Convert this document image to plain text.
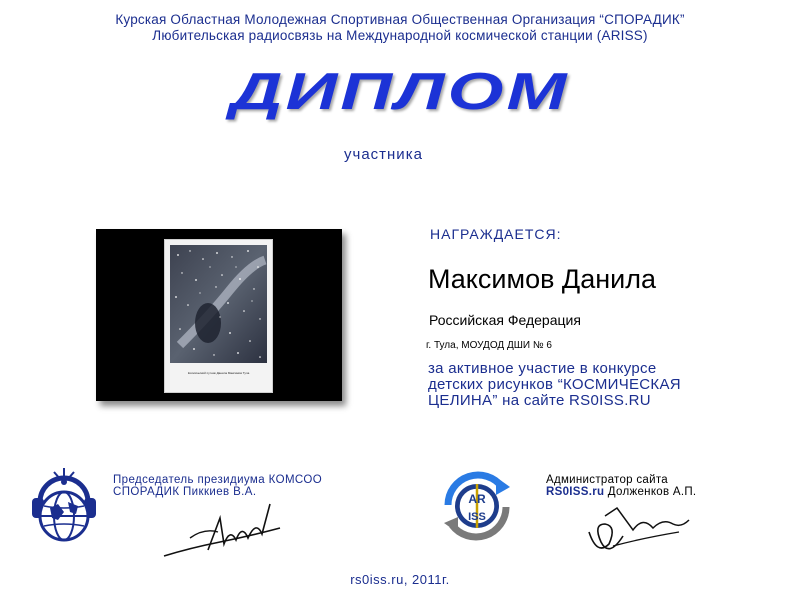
Курская Областная Молодежная Спортивная Общественная Организация “СПОРАДИК”
Любительская радиосвязь на Международной космической станции (ARISS)
ДИПЛОМ
участника
Космический путник Данила Максимов Тула
НАГРАЖДАЕТСЯ:
Максимов Данила
Российская Федерация
г. Тула, МОУДОД ДШИ № 6
за активное участие в конкурсе
детских рисунков “КОСМИЧЕСКАЯ
ЦЕЛИНА” на сайте RS0ISS.RU
Председатель президиума КОМСОО
СПОРАДИК Пиккиев В.А.	AR
ISS
Администратор сайта
RS0ISS.ru Долженков А.П.
rs0iss.ru, 2011г.
